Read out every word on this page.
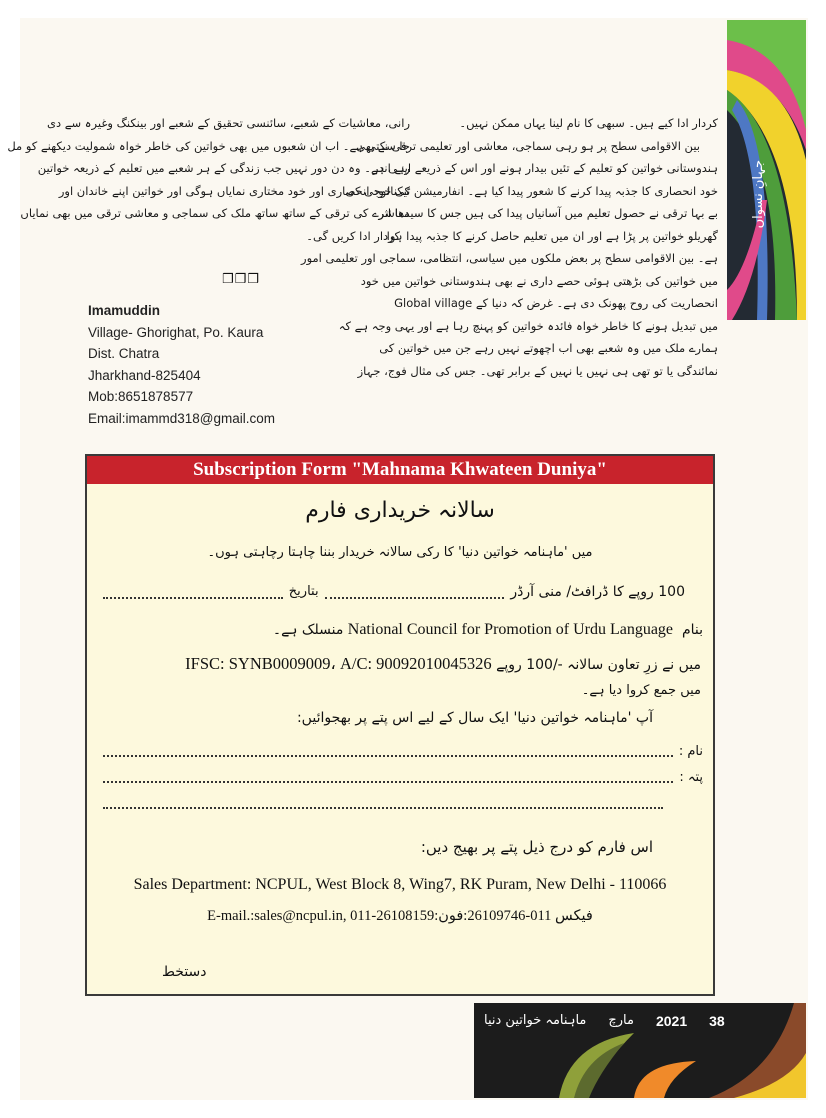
جہانِ نسواں
کردار ادا کیے ہیں۔ سبھی کا نام لینا یہاں ممکن نہیں۔
بین الاقوامی سطح پر ہو رہی سماجی، معاشی اور تعلیمی ترقی نے بھی
ہندوستانی خواتین کو تعلیم کے تئیں بیدار ہونے اور اس کے ذریعے اپنے اندر
خود انحصاری کا جذبہ پیدا کرنے کا شعور پیدا کیا ہے۔ انفارمیشن ٹیکنالوجی کی
بے بہا ترقی نے حصول تعلیم میں آسانیاں پیدا کی ہیں جس کا سیدھا اثر
گھریلو خواتین پر پڑا ہے اور ان میں تعلیم حاصل کرنے کا جذبہ پیدا ہوا
ہے۔ بین الاقوامی سطح پر بعض ملکوں میں سیاسی، انتظامی، سماجی اور تعلیمی امور
میں خواتین کی بڑھتی ہوئی حصے داری نے بھی ہندوستانی خواتین میں خود
انحصاریت کی روح پھونک دی ہے۔ غرض کہ دنیا کے Global village
میں تبدیل ہونے کا خاطر خواہ فائدہ خواتین کو پہنچ رہا ہے اور یہی وجہ ہے کہ
ہمارے ملک میں وہ شعبے بھی اب اچھوتے نہیں رہے جن میں خواتین کی
نمائندگی یا تو تھی ہی نہیں یا نہیں کے برابر تھی۔ جس کی مثال فوج، جہاز
رانی، معاشیات کے شعبے، سائنسی تحقیق کے شعبے اور بینکنگ وغیرہ سے دی
جا سکتی ہے۔ اب ان شعبوں میں بھی خواتین کی خاطر خواہ شمولیت دیکھنے کو مل
رہی ہے۔ وہ دن دور نہیں جب زندگی کے ہر شعبے میں تعلیم کے ذریعہ خواتین
کی خود انحصاری اور خود مختاری نمایاں ہوگی اور خواتین اپنے خاندان اور
معاشرے کی ترقی کے ساتھ ساتھ ملک کی سماجی و معاشی ترقی میں بھی نمایاں
کردار ادا کریں گی۔
❒❒❒
Imamuddin
Village- Ghorighat, Po. Kaura
Dist. Chatra
Jharkhand-825404
Mob:8651878577
Email:imammd318@gmail.com
Subscription Form "Mahnama Khwateen Duniya"
سالانہ خریداری فارم
میں 'ماہنامہ خواتین دنیا' کا رکی سالانہ خریدار بننا چاہتا رچاہتی ہوں۔
100 روپے کا ڈرافٹ/ منی آرڈر
بتاریخ
بنام  National Council for Promotion of Urdu Language منسلک ہے۔
میں نے زرِ تعاون سالانہ -/100 روپے IFSC: SYNB0009009، A/C: 90092010045326
میں جمع کروا دیا ہے۔
آپ 'ماہنامہ خواتین دنیا' ایک سال کے لیے اس پتے پر بھجوائیں:
نام :
پتہ :
اس فارم کو درج ذیل پتے پر بھیج دیں:
Sales Department: NCPUL, West Block 8, Wing7, RK Puram, New Delhi - 110066
E-mail.:sales@ncpul.in, 011-26108159:فیکس 011-26109746:فون
دستخط
ماہنامہ خواتین دنیا مارچ 2021 38
